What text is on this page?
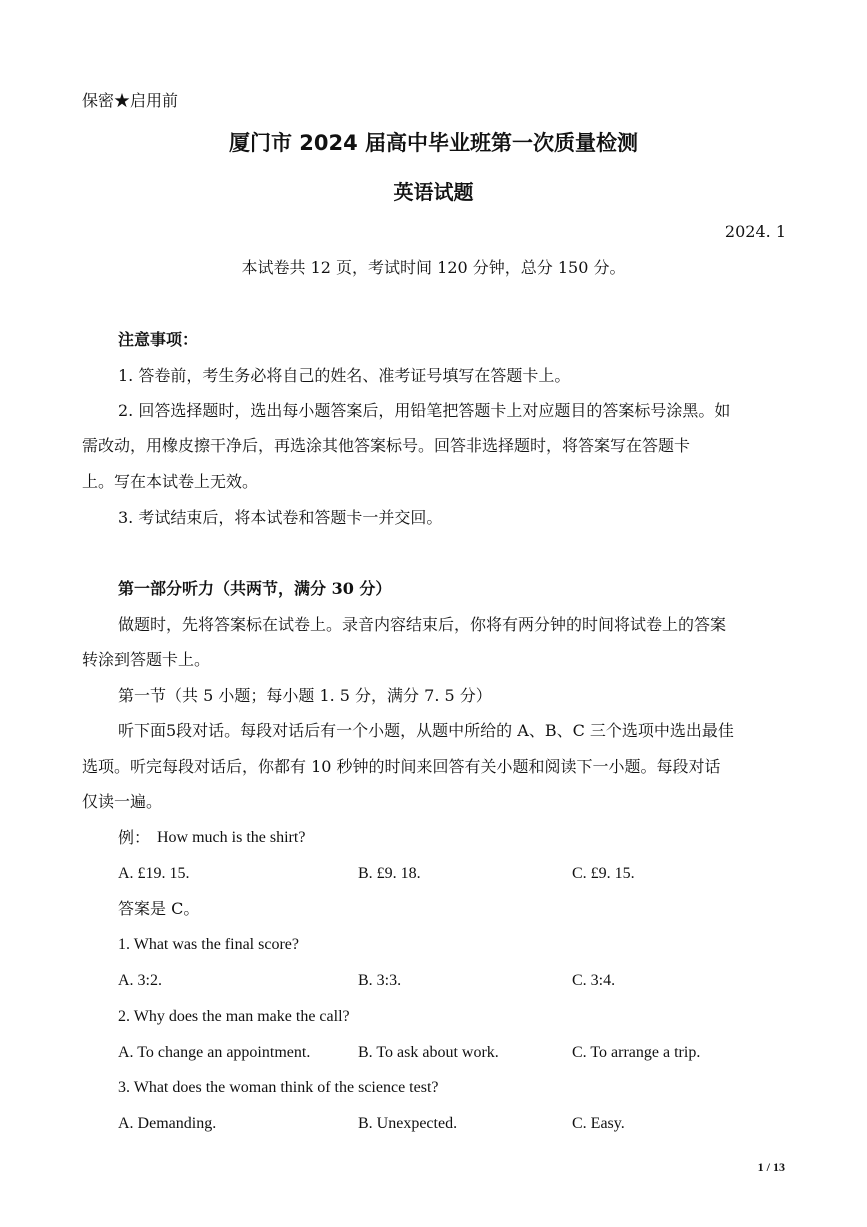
保密★启用前
厦门市 2024 届高中毕业班第一次质量检测
英语试题
2024. 1
本试卷共 12 页，考试时间 120 分钟，总分 150 分。
注意事项：
1. 答卷前，考生务必将自己的姓名、准考证号填写在答题卡上。
2. 回答选择题时，选出每小题答案后，用铅笔把答题卡上对应题目的答案标号涂黑。如
需改动，用橡皮擦干净后，再选涂其他答案标号。回答非选择题时，将答案写在答题卡
上。写在本试卷上无效。
3. 考试结束后，将本试卷和答题卡一并交回。
第一部分听力（共两节，满分 30 分）
做题时，先将答案标在试卷上。录音内容结束后，你将有两分钟的时间将试卷上的答案
转涂到答题卡上。
第一节（共 5 小题；每小题 1. 5 分，满分 7. 5 分）
听下面5段对话。每段对话后有一个小题，从题中所给的 A、B、C 三个选项中选出最佳
选项。听完每段对话后，你都有 10 秒钟的时间来回答有关小题和阅读下一小题。每段对话
仅读一遍。
例： How much is the shirt?
A. £19. 15.	B. £9. 18.	C. £9. 15.
答案是 C。
1. What was the final score?
A. 3:2.	B. 3:3.	C. 3:4.
2. Why does the man make the call?
A. To change an appointment.	B. To ask about work.	C. To arrange a trip.
3. What does the woman think of the science test?
A. Demanding.	B. Unexpected.	C. Easy.
1 / 13
